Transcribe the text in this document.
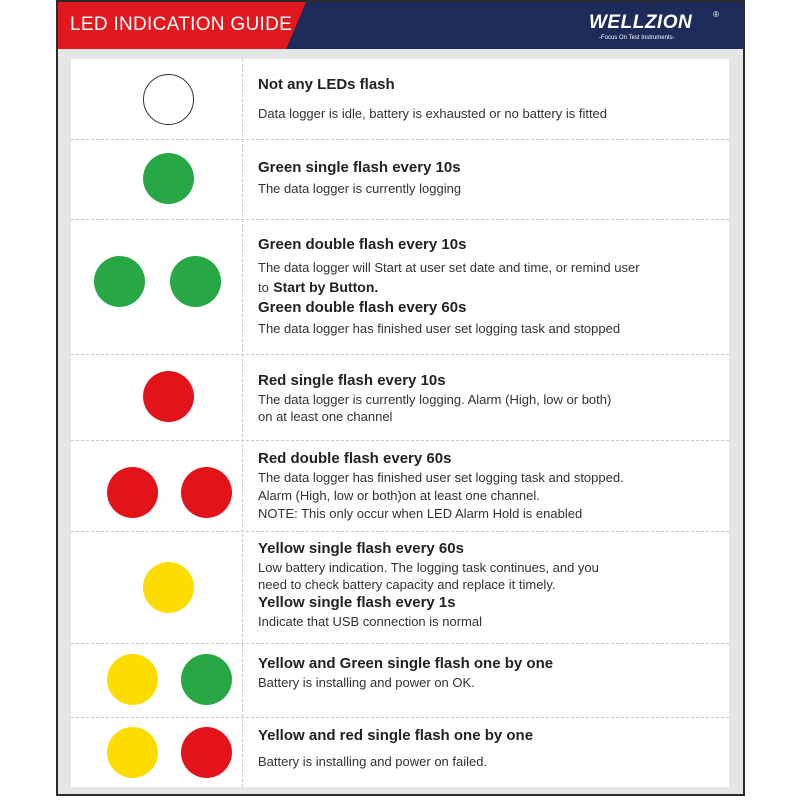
LED INDICATION GUIDE	WELLZION	®
-Focus On Test Instruments-
Not any LEDs flash
Data logger is idle, battery is exhausted or no battery is fitted
Green single flash every 10s
The data logger is currently logging
Green double flash every 10s
The data logger will Start at user set date and time, or remind user
to Start by Button.
Green double flash every 60s
The data logger has finished user set logging task and stopped
Red single flash every 10s
The data logger is currently logging. Alarm (High, low or both)
on at least one channel
Red double flash every 60s
The data logger has finished user set logging task and stopped.
Alarm (High, low or both)on at least one channel.
NOTE: This only occur when LED Alarm Hold is enabled
Yellow single flash every 60s
Low battery indication. The logging task continues, and you
need to check battery capacity and replace it timely.
Yellow single flash every 1s
Indicate that USB connection is normal
Yellow and Green single flash one by one
Battery is installing and power on OK.
Yellow and red single flash one by one
Battery is installing and power on failed.
